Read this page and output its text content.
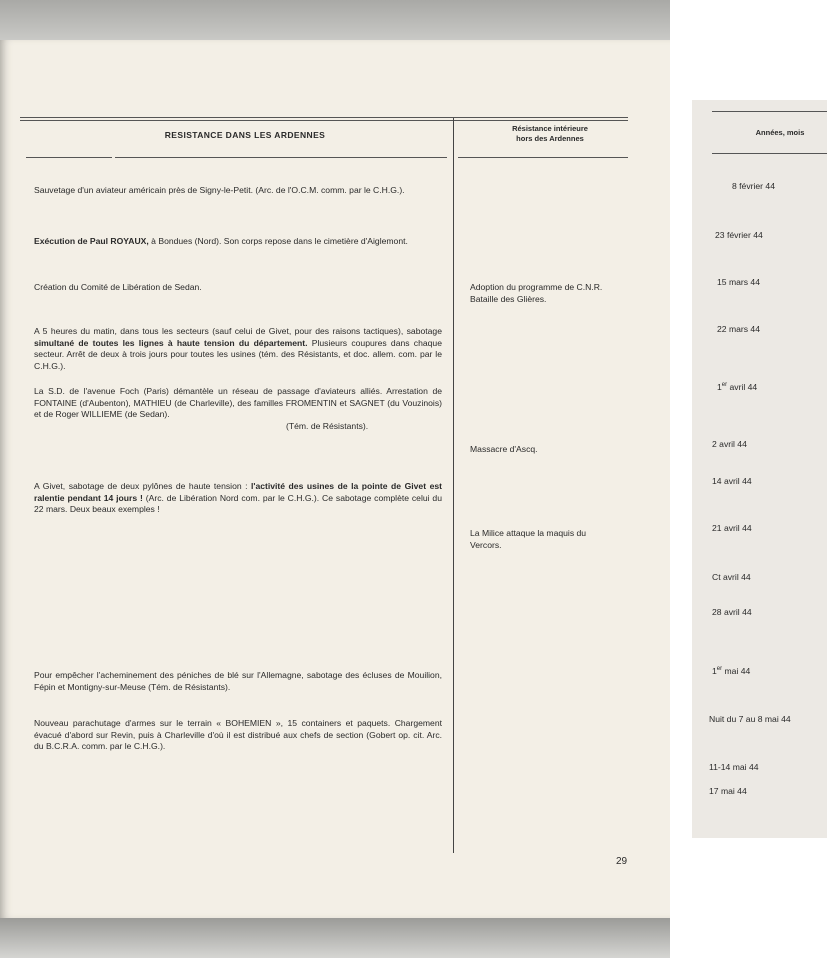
RESISTANCE DANS LES ARDENNES
Résistance intérieure
hors des Ardennes
Années, mois
Sauvetage d'un aviateur américain près de Signy-le-Petit. (Arc. de l'O.C.M. comm. par le C.H.G.).
Exécution de Paul ROYAUX, à Bondues (Nord). Son corps repose dans le cimetière d'Aiglemont.
Création du Comité de Libération de Sedan.
A 5 heures du matin, dans tous les secteurs (sauf celui de Givet, pour des raisons tactiques), sabotage simultané de toutes les lignes à haute tension du département. Plusieurs coupures dans chaque secteur. Arrêt de deux à trois jours pour toutes les usines (tém. des Résistants, et doc. allem. com. par le C.H.G.).
La S.D. de l'avenue Foch (Paris) démantèle un réseau de passage d'aviateurs alliés. Arrestation de FONTAINE (d'Aubenton), MATHIEU (de Charleville), des familles FROMENTIN et SAGNET (du Vouzinois) et de Roger WILLIEME (de Sedan).
(Tém. de Résistants).
A Givet, sabotage de deux pylônes de haute tension : l'activité des usines de la pointe de Givet est ralentie pendant 14 jours ! (Arc. de Libération Nord com. par le C.H.G.). Ce sabotage complète celui du 22 mars. Deux beaux exemples !
Pour empêcher l'acheminement des péniches de blé sur l'Allemagne, sabotage des écluses de Mouilion, Fépin et Montigny-sur-Meuse (Tém. de Résistants).
Nouveau parachutage d'armes sur le terrain « BOHEMIEN », 15 containers et paquets. Chargement évacué d'abord sur Revin, puis à Charleville d'où il est distribué aux chefs de section (Gobert op. cit. Arc. du B.C.R.A. comm. par le C.H.G.).
Adoption du programme de C.N.R.
Bataille des Glières.
Massacre d'Ascq.
La Milice attaque la maquis du
Vercors.
8 février 44
23 février 44
15 mars 44
22 mars 44
1er avril 44
2 avril 44
14 avril 44
21 avril 44
Ct avril 44
28 avril 44
1er mai 44
Nuit du 7 au 8 mai 44
11-14 mai 44
17 mai 44
29
